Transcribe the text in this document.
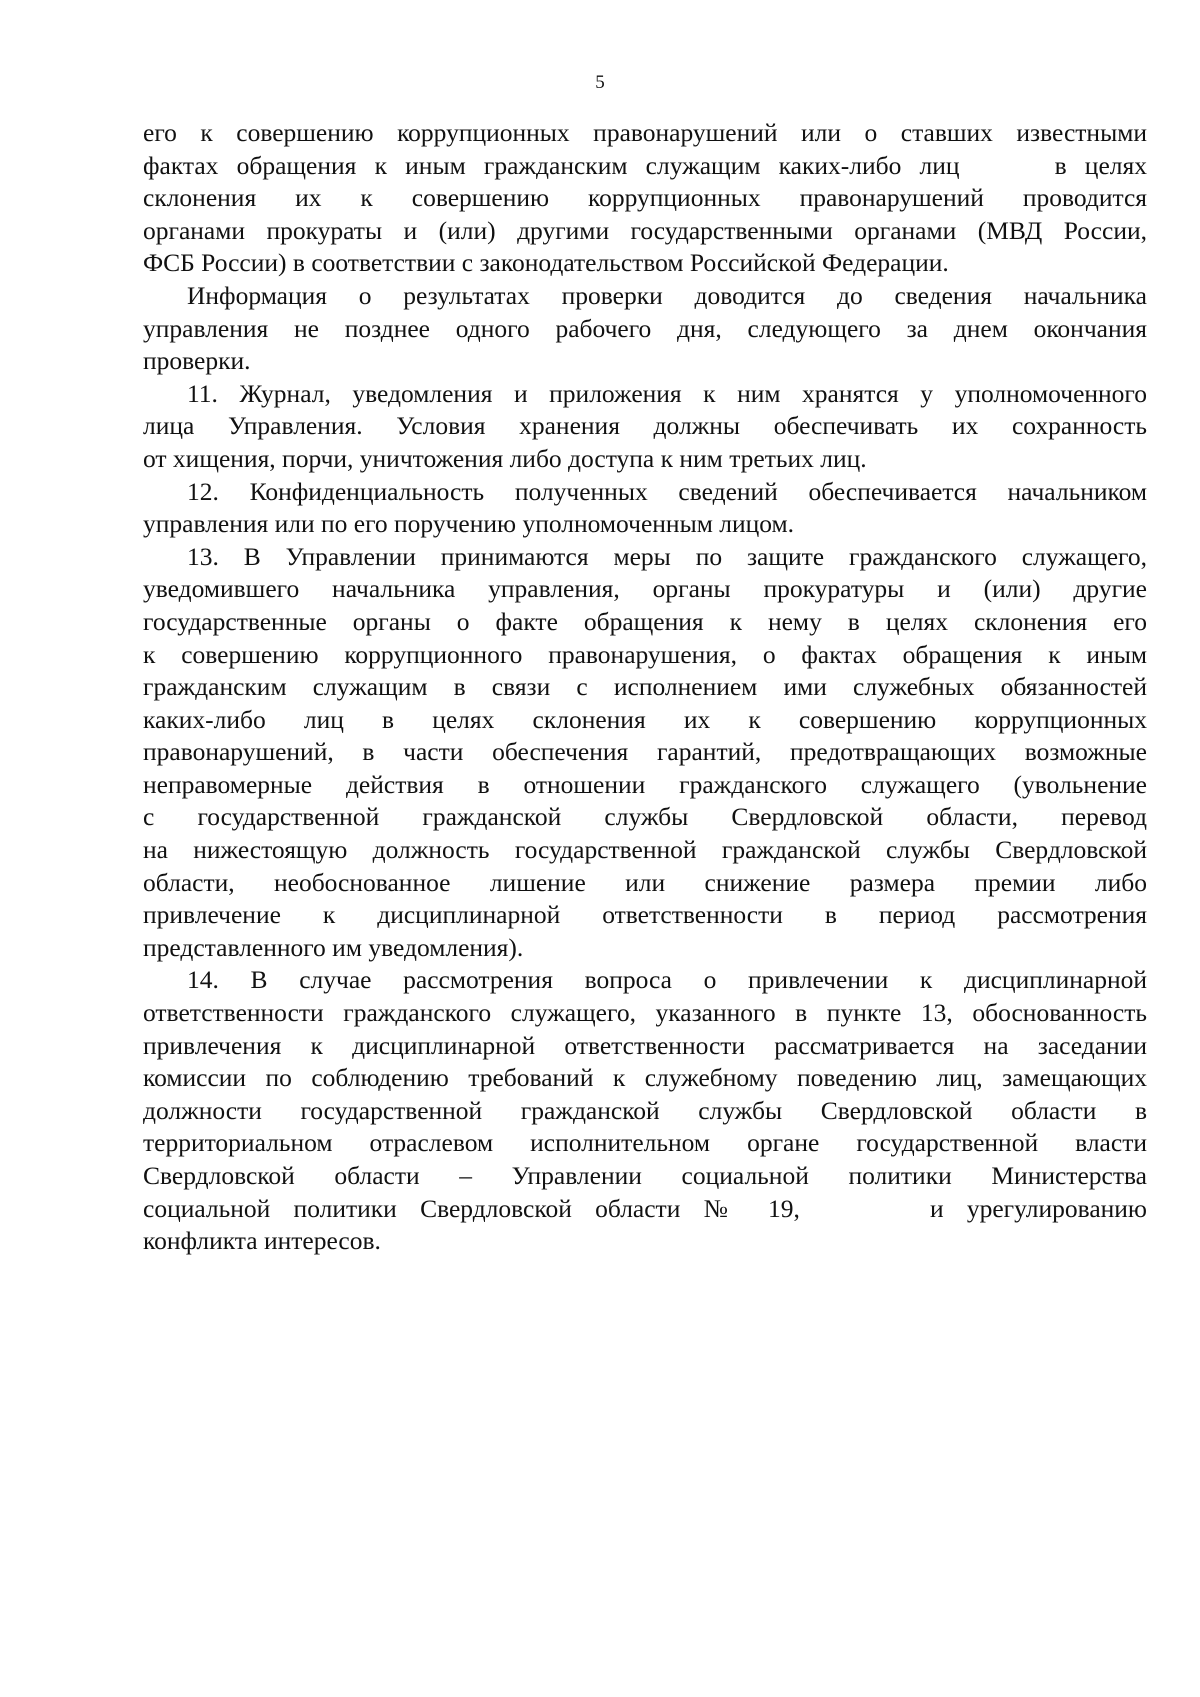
5
его к совершению коррупционных правонарушений или о ставших известными
фактах обращения к иным гражданским служащим каких-либо лиц	в целях
склонения их к совершению коррупционных правонарушений проводится
органами прокураты и (или) другими государственными органами (МВД России,
ФСБ России) в соответствии с законодательством Российской Федерации.
Информация о результатах проверки доводится до сведения начальника
управления не позднее одного рабочего дня, следующего за днем окончания
проверки.
11. Журнал, уведомления и приложения к ним хранятся у уполномоченного
лица Управления. Условия хранения должны обеспечивать их сохранность
от хищения, порчи, уничтожения либо доступа к ним третьих лиц.
12. Конфиденциальность полученных сведений обеспечивается начальником
управления или по его поручению уполномоченным лицом.
13. В Управлении принимаются меры по защите гражданского служащего,
уведомившего начальника управления, органы прокуратуры и (или) другие
государственные органы о факте обращения к нему в целях склонения его
к совершению коррупционного правонарушения, о фактах обращения к иным
гражданским служащим в связи с исполнением ими служебных обязанностей
каких-либо лиц в целях склонения их к совершению коррупционных
правонарушений, в части обеспечения гарантий, предотвращающих возможные
неправомерные действия в отношении гражданского служащего (увольнение
с государственной гражданской службы Свердловской области, перевод
на нижестоящую должность государственной гражданской службы Свердловской
области, необоснованное лишение или снижение размера премии либо
привлечение к дисциплинарной ответственности в период рассмотрения
представленного им уведомления).
14. В случае рассмотрения вопроса о привлечении к дисциплинарной
ответственности гражданского служащего, указанного в пункте 13, обоснованность
привлечения к дисциплинарной ответственности рассматривается на заседании
комиссии по соблюдению требований к служебному поведению лиц, замещающих
должности государственной гражданской службы Свердловской области в
территориальном отраслевом исполнительном органе государственной власти
Свердловской области – Управлении социальной политики Министерства
социальной политики Свердловской области № 19,	и урегулированию
конфликта интересов.
